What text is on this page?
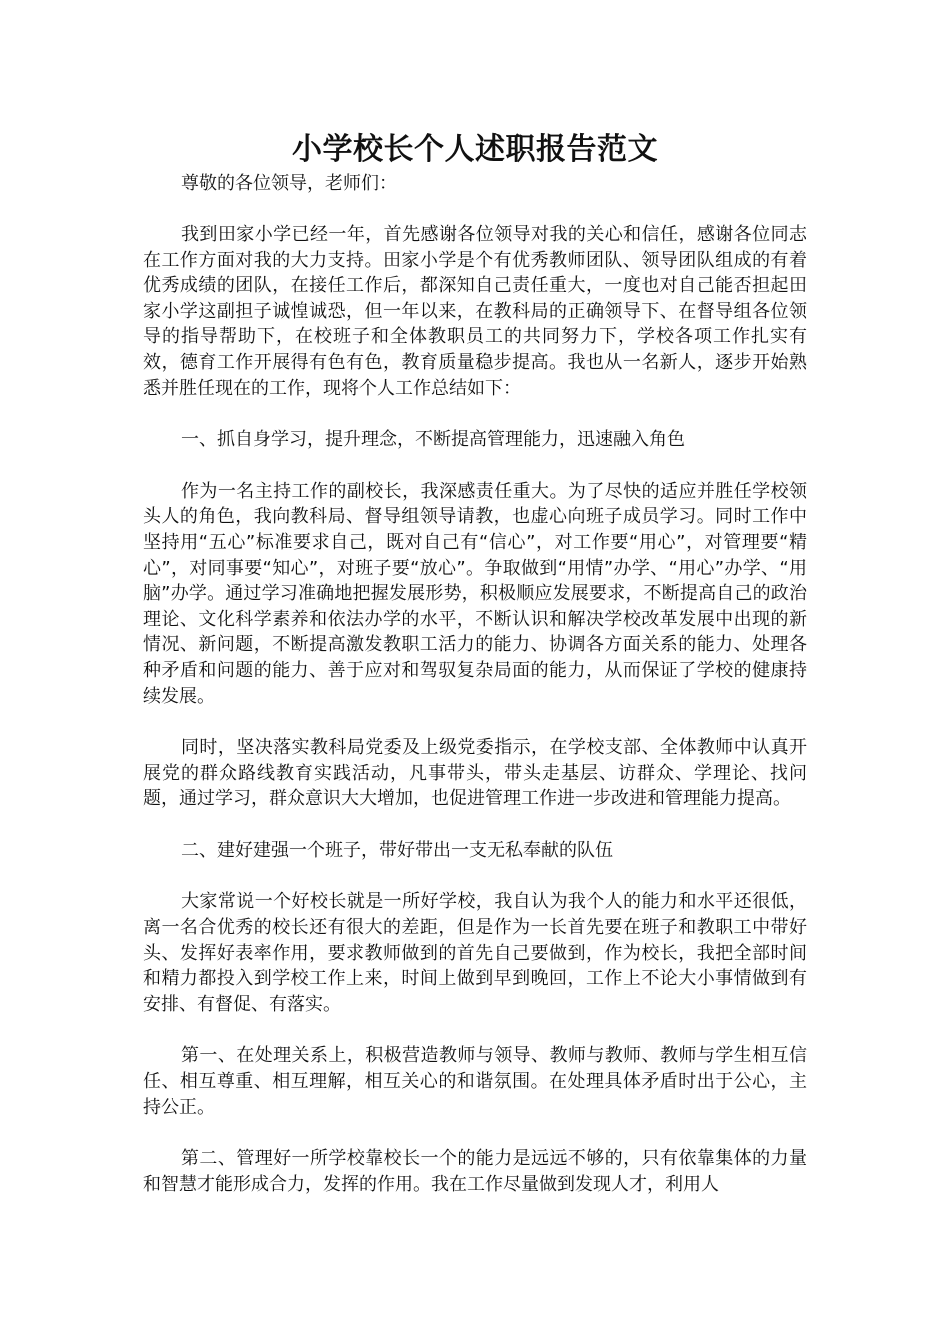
小学校长个人述职报告范文

尊敬的各位领导，老师们：

我到田家小学已经一年，首先感谢各位领导对我的关心和信任，感谢各位同志在工作方面对我的大力支持。田家小学是个有优秀教师团队、领导团队组成的有着优秀成绩的团队，在接任工作后，都深知自己责任重大，一度也对自己能否担起田家小学这副担子诚惶诚恐，但一年以来，在教科局的正确领导下、在督导组各位领导的指导帮助下，在校班子和全体教职员工的共同努力下，学校各项工作扎实有效，德育工作开展得有色有色，教育质量稳步提高。我也从一名新人，逐步开始熟悉并胜任现在的工作，现将个人工作总结如下：

一、抓自身学习，提升理念，不断提高管理能力，迅速融入角色

作为一名主持工作的副校长，我深感责任重大。为了尽快的适应并胜任学校领头人的角色，我向教科局、督导组领导请教，也虚心向班子成员学习。同时工作中坚持用“五心”标准要求自己，既对自己有“信心”，对工作要“用心”，对管理要“精心”，对同事要“知心”，对班子要“放心”。争取做到“用情”办学、“用心”办学、“用脑”办学。通过学习准确地把握发展形势，积极顺应发展要求，不断提高自己的政治理论、文化科学素养和依法办学的水平，不断认识和解决学校改革发展中出现的新情况、新问题，不断提高激发教职工活力的能力、协调各方面关系的能力、处理各种矛盾和问题的能力、善于应对和驾驭复杂局面的能力，从而保证了学校的健康持续发展。

同时，坚决落实教科局党委及上级党委指示，在学校支部、全体教师中认真开展党的群众路线教育实践活动，凡事带头，带头走基层、访群众、学理论、找问题，通过学习，群众意识大大增加，也促进管理工作进一步改进和管理能力提高。

二、建好建强一个班子，带好带出一支无私奉献的队伍

大家常说一个好校长就是一所好学校，我自认为我个人的能力和水平还很低，离一名合优秀的校长还有很大的差距，但是作为一长首先要在班子和教职工中带好头、发挥好表率作用，要求教师做到的首先自己要做到，作为校长，我把全部时间和精力都投入到学校工作上来，时间上做到早到晚回，工作上不论大小事情做到有安排、有督促、有落实。

第一、在处理关系上，积极营造教师与领导、教师与教师、教师与学生相互信任、相互尊重、相互理解，相互关心的和谐氛围。在处理具体矛盾时出于公心，主持公正。

第二、管理好一所学校靠校长一个的能力是远远不够的，只有依靠集体的力量和智慧才能形成合力，发挥的作用。我在工作尽量做到发现人才，利用人
